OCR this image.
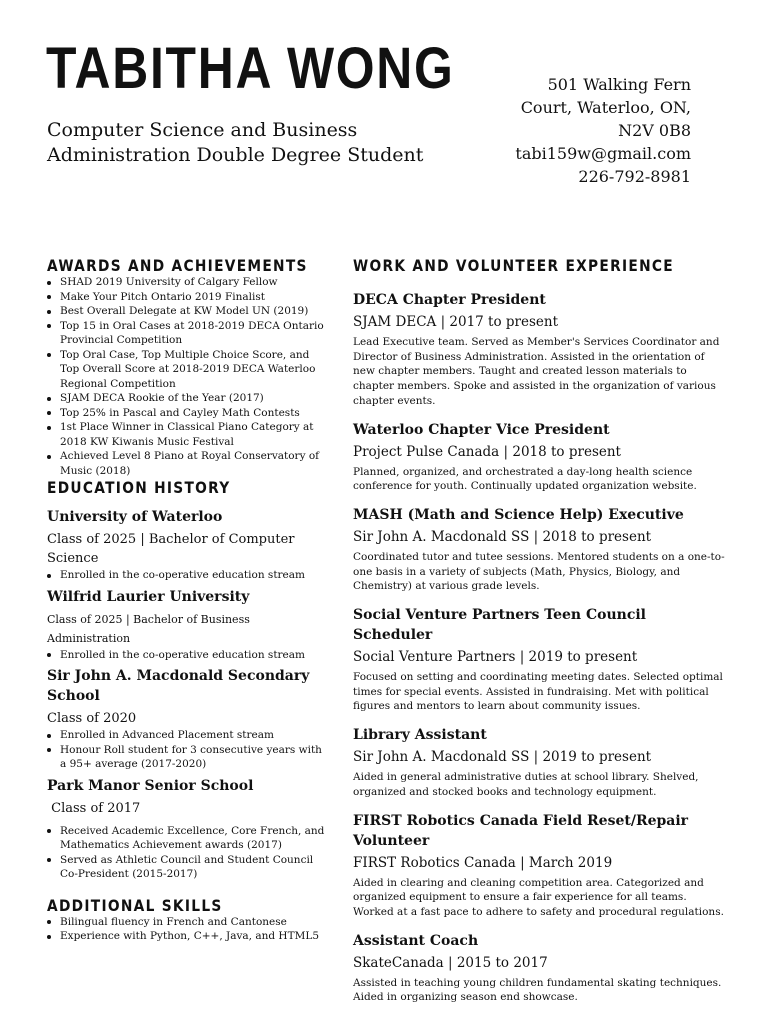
TABITHA WONG
Computer Science and Business
Administration Double Degree Student
501 Walking Fern
Court, Waterloo, ON,
N2V 0B8
tabi159w@gmail.com
226-792-8981
AWARDS AND ACHIEVEMENTS
SHAD 2019 University of Calgary Fellow
Make Your Pitch Ontario 2019 Finalist
Best Overall Delegate at KW Model UN (2019)
Top 15 in Oral Cases at 2018-2019 DECA Ontario Provincial Competition
Top Oral Case, Top Multiple Choice Score, and Top Overall Score at 2018-2019 DECA Waterloo Regional Competition
SJAM DECA Rookie of the Year (2017)
Top 25% in Pascal and Cayley Math Contests
1st Place Winner in Classical Piano Category at 2018 KW Kiwanis Music Festival
Achieved Level 8 Piano at Royal Conservatory of Music (2018)
EDUCATION HISTORY
University of Waterloo
Class of 2025 | Bachelor of Computer Science
Enrolled in the co-operative education stream
Wilfrid Laurier University
Class of 2025 | Bachelor of Business Administration
Enrolled in the co-operative education stream
Sir John A. Macdonald Secondary School
Class of 2020
Enrolled in Advanced Placement stream
Honour Roll student for 3 consecutive years with a 95+ average (2017-2020)
Park Manor Senior School
Class of 2017
Received Academic Excellence, Core French, and Mathematics Achievement awards (2017)
Served as Athletic Council and Student Council Co-President (2015-2017)
ADDITIONAL SKILLS
Bilingual fluency in French and Cantonese
Experience with Python, C++, Java, and HTML5
WORK AND VOLUNTEER EXPERIENCE
DECA Chapter President
SJAM DECA | 2017 to present
Lead Executive team. Served as Member's Services Coordinator and Director of Business Administration. Assisted in the orientation of new chapter members. Taught and created lesson materials to chapter members. Spoke and assisted in the organization of various chapter events.
Waterloo Chapter Vice President
Project Pulse Canada | 2018 to present
Planned, organized, and orchestrated a day-long health science conference for youth. Continually updated organization website.
MASH (Math and Science Help) Executive
Sir John A. Macdonald SS | 2018 to present
Coordinated tutor and tutee sessions. Mentored students on a one-to-one basis in a variety of subjects (Math, Physics, Biology, and Chemistry) at various grade levels.
Social Venture Partners Teen Council Scheduler
Social Venture Partners | 2019 to present
Focused on setting and coordinating meeting dates. Selected optimal times for special events. Assisted in fundraising. Met with political figures and mentors to learn about community issues.
Library Assistant
Sir John A. Macdonald SS | 2019 to present
Aided in general administrative duties at school library. Shelved, organized and stocked books and technology equipment.
FIRST Robotics Canada Field Reset/Repair Volunteer
FIRST Robotics Canada | March 2019
Aided in clearing and cleaning competition area. Categorized and organized equipment to ensure a fair experience for all teams. Worked at a fast pace to adhere to safety and procedural regulations.
Assistant Coach
SkateCanada | 2015 to 2017
Assisted in teaching young children fundamental skating techniques. Aided in organizing season end showcase.
